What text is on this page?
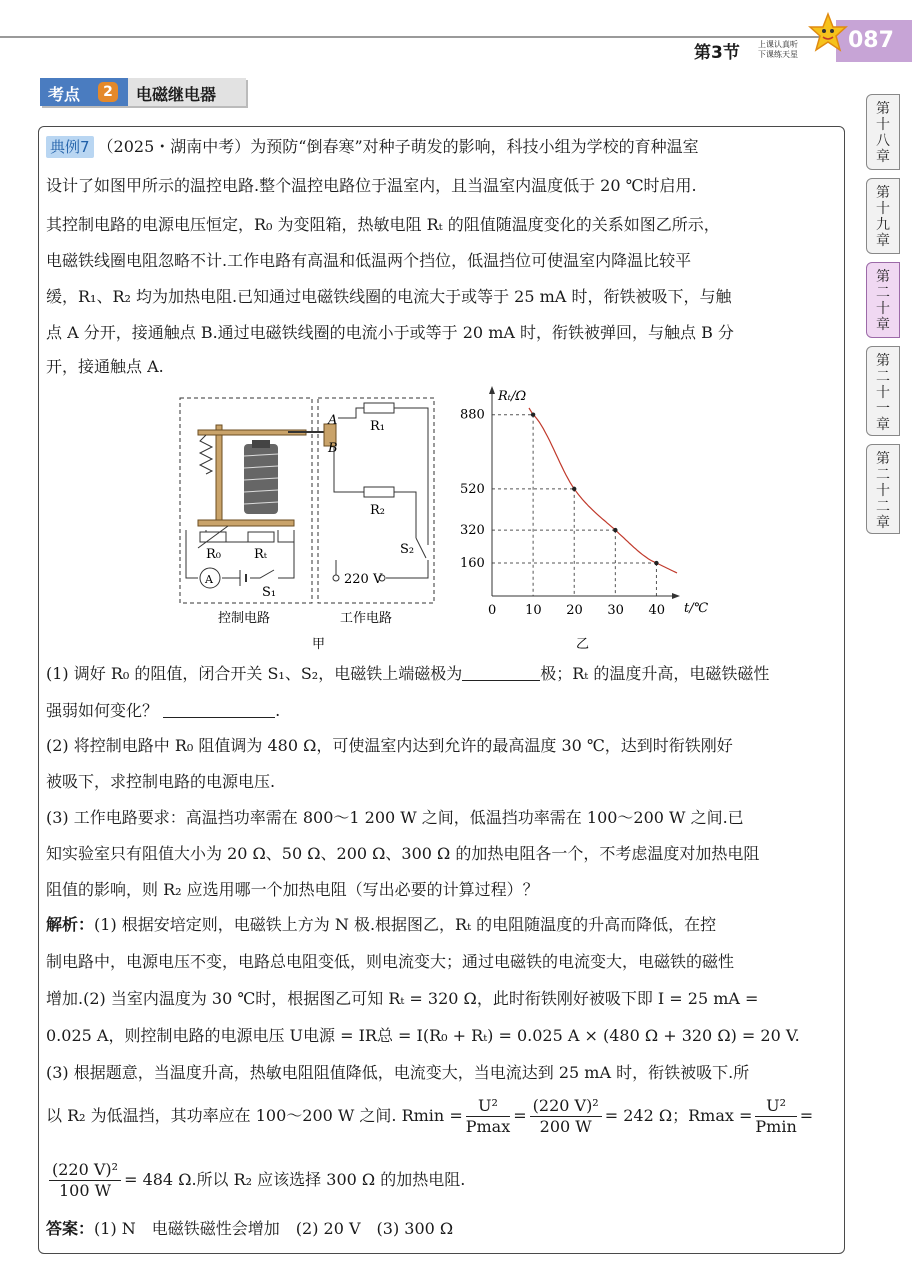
第3节 上课认真听
下课练天星
087
考点	2	电磁继电器
第
十
八
章
第
十
九
章
第
二
十
章
第
二
十
一
章
第
二
十
二
章
典例7 （2025・湖南中考）为预防“倒春寒”对种子萌发的影响，科技小组为学校的育种温室
设计了如图甲所示的温控电路.整个温控电路位于温室内，且当温室内温度低于 20 ℃时启用.
其控制电路的电源电压恒定，R₀ 为变阻箱，热敏电阻 Rₜ 的阻值随温度变化的关系如图乙所示，
电磁铁线圈电阻忽略不计.工作电路有高温和低温两个挡位，低温挡位可使温室内降温比较平
缓，R₁、R₂ 均为加热电阻.已知通过电磁铁线圈的电流大于或等于 25 mA 时，衔铁被吸下，与触
点 A 分开，接通触点 B.通过电磁铁线圈的电流小于或等于 20 mA 时，衔铁被弹回，与触点 B 分
开，接通触点 A.
R₀	Rₜ
A
S₁
控制电路
A
B
R₁
R₂
S₂
220 V
工作电路
甲
0 10 20 30 40
160
320
520
880
Rₜ/Ω
t/℃
乙
(1) 调好 R₀ 的阻值，闭合开关 S₁、S₂，电磁铁上端磁极为	极；Rₜ 的温度升高，电磁铁磁性
强弱如何变化？	.
(2) 将控制电路中 R₀ 阻值调为 480 Ω，可使温室内达到允许的最高温度 30 ℃，达到时衔铁刚好
被吸下，求控制电路的电源电压.
(3) 工作电路要求：高温挡功率需在 800～1 200 W 之间，低温挡功率需在 100～200 W 之间.已
知实验室只有阻值大小为 20 Ω、50 Ω、200 Ω、300 Ω 的加热电阻各一个，不考虑温度对加热电阻
阻值的影响，则 R₂ 应选用哪一个加热电阻（写出必要的计算过程）？
解析：(1) 根据安培定则，电磁铁上方为 N 极.根据图乙，Rₜ 的电阻随温度的升高而降低，在控
制电路中，电源电压不变，电路总电阻变低，则电流变大；通过电磁铁的电流变大，电磁铁的磁性
增加.(2) 当室内温度为 30 ℃时，根据图乙可知 Rₜ = 320 Ω，此时衔铁刚好被吸下即 I = 25 mA =
0.025 A，则控制电路的电源电压 U电源 = IR总 = I(R₀ + Rₜ) = 0.025 A × (480 Ω + 320 Ω) = 20 V.
(3) 根据题意，当温度升高，热敏电阻阻值降低，电流变大，当电流达到 25 mA 时，衔铁被吸下.所
以 R₂ 为低温挡，其功率应在 100～200 W 之间. $Rmin = \frac{\text{U²}}{Pmax} = \frac{\text{(220 V)²}}{200 W} = 242$ Ω；$Rmax = \frac{\text{U²}}{Pmin}$ =
$\frac{\text{(220 V)²}}{100 W} = 484$ Ω.所以 R₂ 应该选择 300 Ω 的加热电阻.
答案：(1) N　电磁铁磁性会增加　(2) 20 V　(3) 300 Ω
